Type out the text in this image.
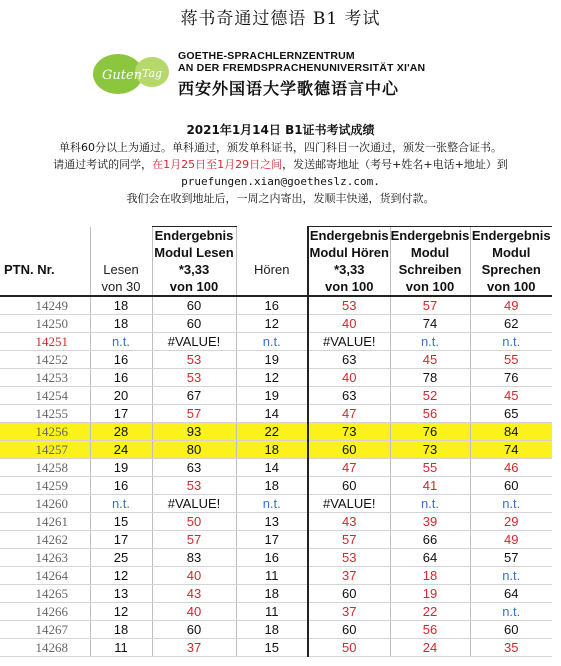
蒋书奇通过德语 B1 考试
Guten Tag
GOETHE-SPRACHLERNZENTRUM
AN DER FREMDSPRACHENUNIVERSITÄT XI'AN
西安外国语大学歌德语言中心
2021年1月14日 B1证书考试成绩
单科60分以上为通过。单科通过，颁发单科证书，四门科目一次通过，颁发一张整合证书。
请通过考试的同学，在1月25日至1月29日之间，发送邮寄地址（考号+姓名+电话+地址）到
pruefungen.xian@goetheslz.com.
我们会在收到地址后，一周之内寄出，发顺丰快递，货到付款。
		Endergebnis		Endergebnis	Endergebnis	Endergebnis
		Modul Lesen		Modul Hören	Modul	Modul
PTN. Nr.	Lesen	*3,33	Hören	*3,33	Schreiben	Sprechen
	von 30	von 100		von 100	von 100	von 100
14249	18	60	16	53	57	49
14250	18	60	12	40	74	62
14251	n.t.	#VALUE!	n.t.	#VALUE!	n.t.	n.t.
14252	16	53	19	63	45	55
14253	16	53	12	40	78	76
14254	20	67	19	63	52	45
14255	17	57	14	47	56	65
14256	28	93	22	73	76	84
14257	24	80	18	60	73	74
14258	19	63	14	47	55	46
14259	16	53	18	60	41	60
14260	n.t.	#VALUE!	n.t.	#VALUE!	n.t.	n.t.
14261	15	50	13	43	39	29
14262	17	57	17	57	66	49
14263	25	83	16	53	64	57
14264	12	40	11	37	18	n.t.
14265	13	43	18	60	19	64
14266	12	40	11	37	22	n.t.
14267	18	60	18	60	56	60
14268	11	37	15	50	24	35
